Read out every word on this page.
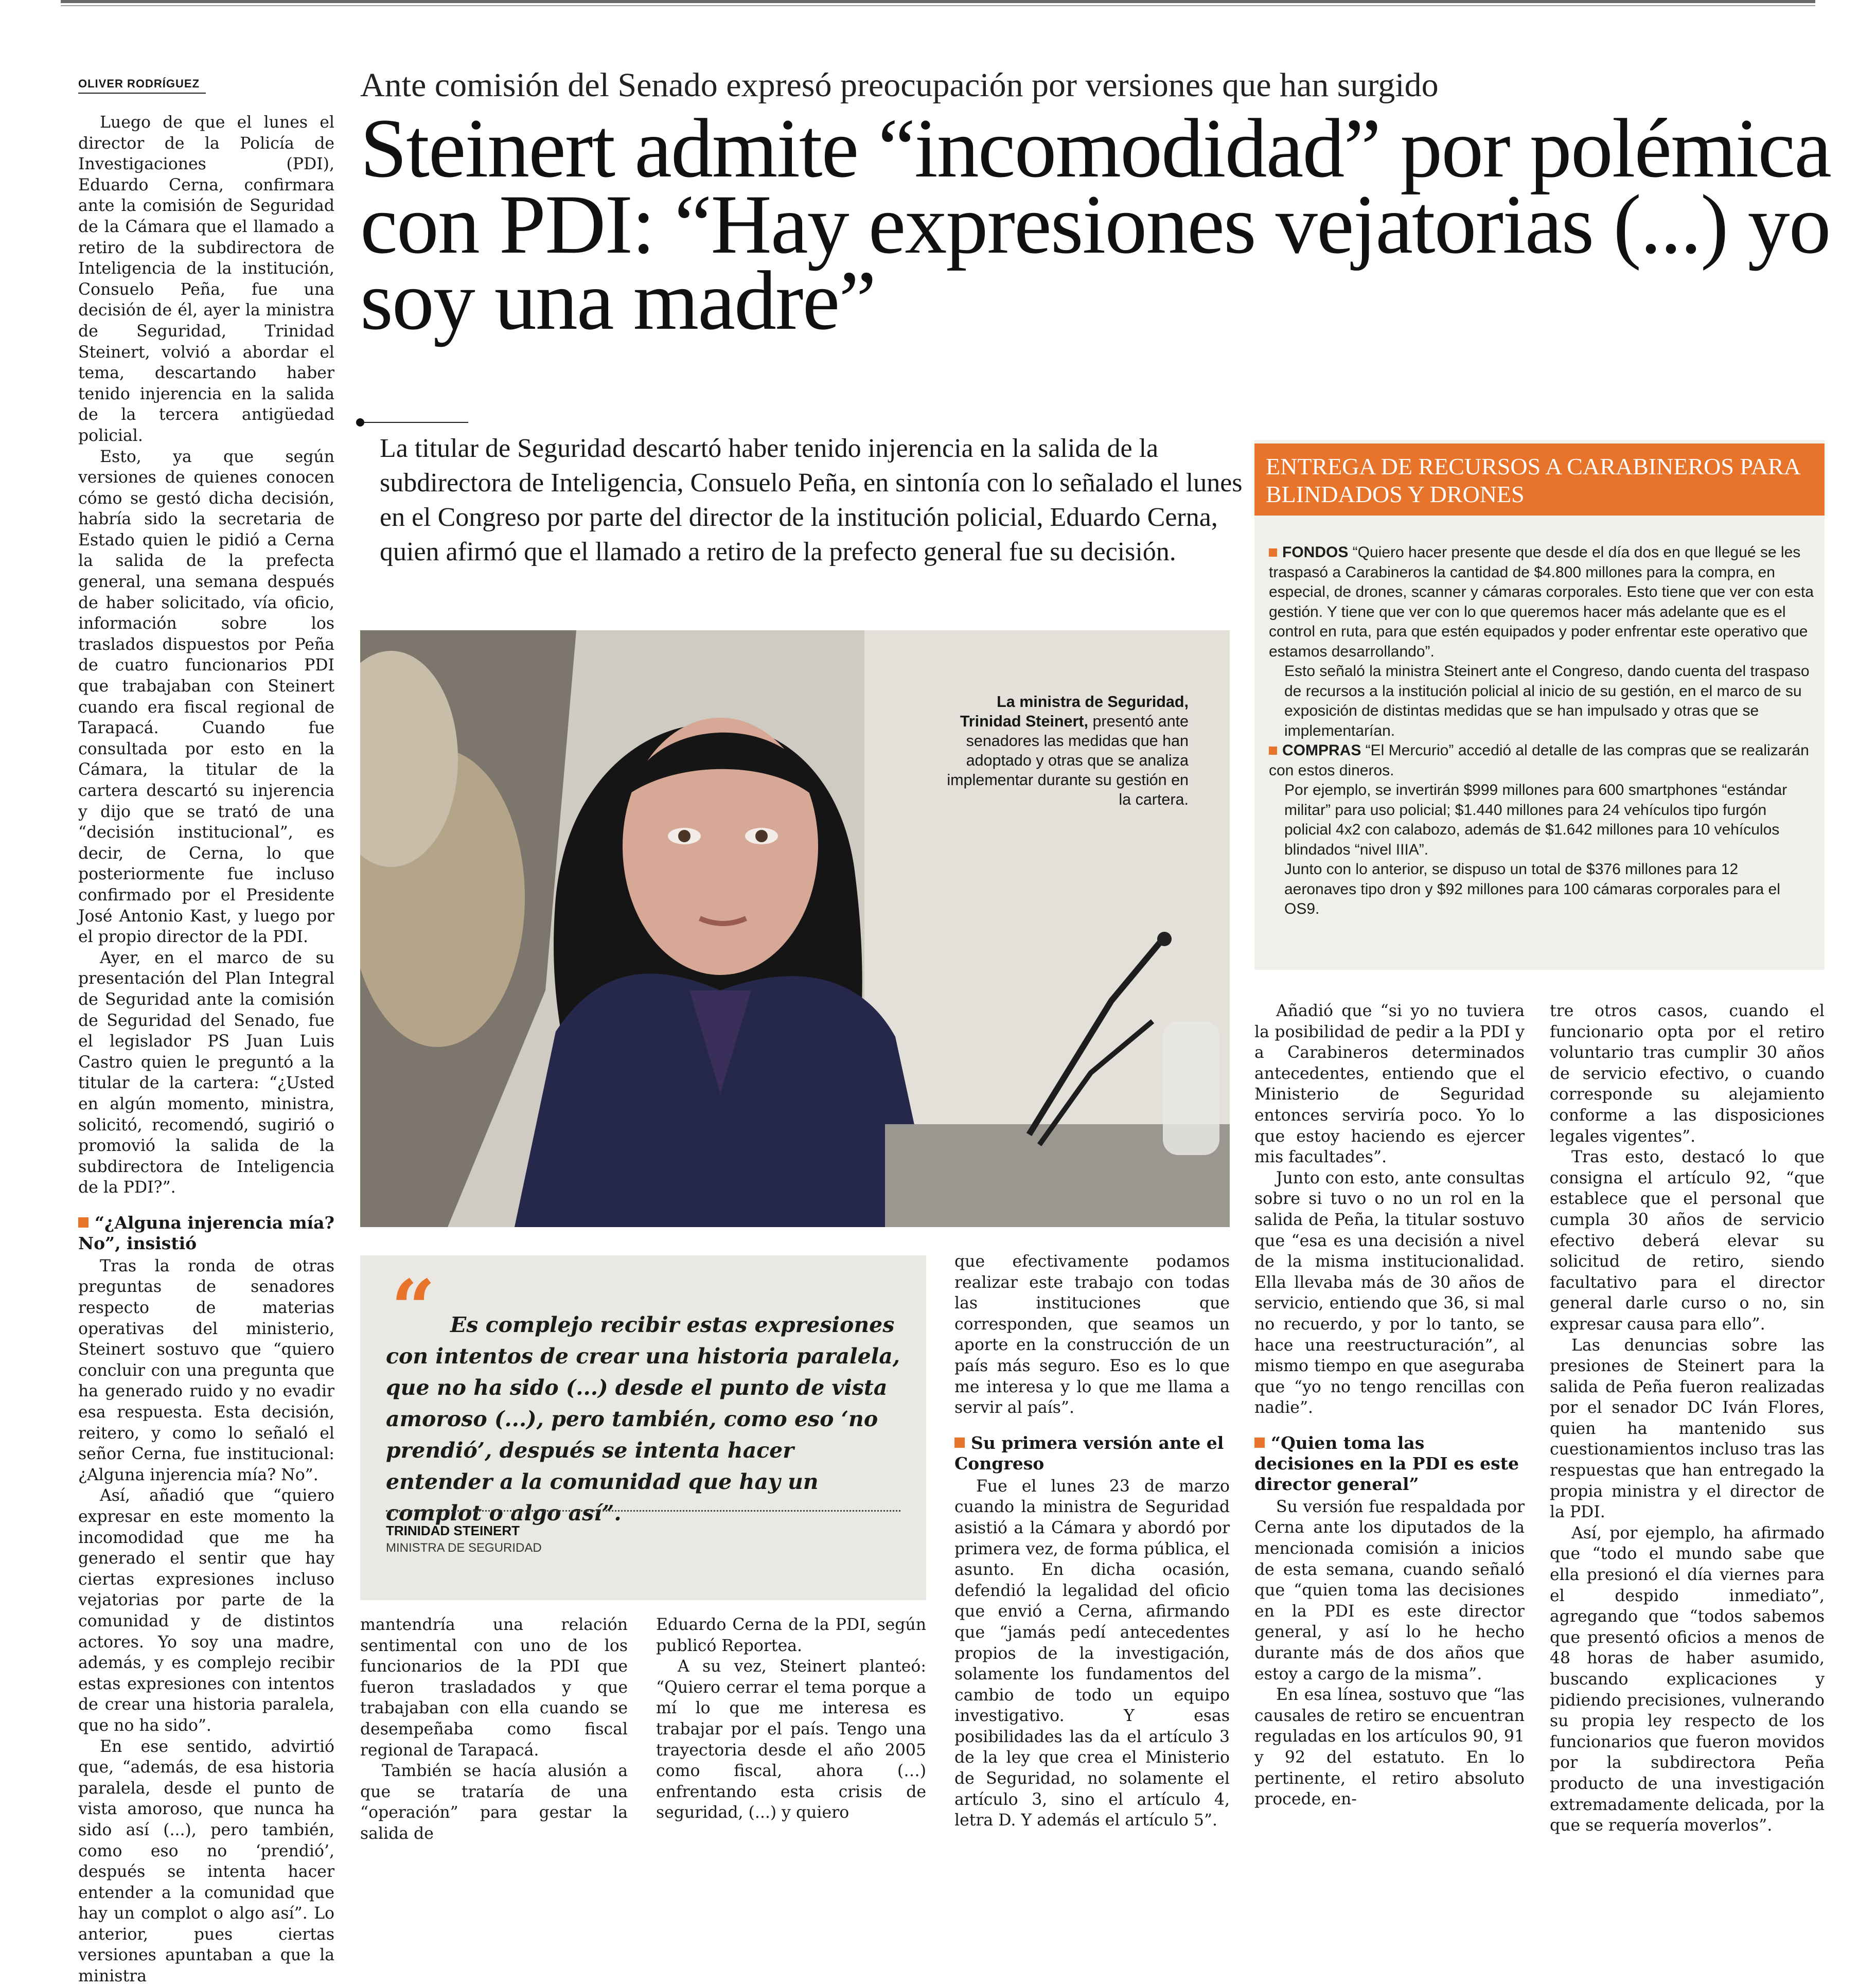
OLIVER RODRÍGUEZ	Ante comisión del Senado expresó preocupación por versiones que han surgido
Steinert admite “incomodidad” por polémica con PDI: “Hay expresiones vejatorias (...) yo soy una madre”

La titular de Seguridad descartó haber tenido injerencia en la salida de la subdirectora de Inteligencia, Consuelo Peña, en sintonía con lo señalado el lunes en el Congreso por parte del director de la institución policial, Eduardo Cerna, quien afirmó que el llamado a retiro de la prefecto general fue su decisión.

Luego de que el lunes el director de la Policía de Investigaciones (PDI), Eduardo Cerna, confirmara ante la comisión de Seguridad de la Cámara que el llamado a retiro de la subdirectora de Inteligencia de la institución, Consuelo Peña, fue una decisión de él, ayer la ministra de Seguridad, Trinidad Steinert, volvió a abordar el tema, descartando haber tenido injerencia en la salida de la tercera antigüedad policial.

Esto, ya que según versiones de quienes conocen cómo se gestó dicha decisión, habría sido la secretaria de Estado quien le pidió a Cerna la salida de la prefecta general, una semana después de haber solicitado, vía oficio, información sobre los traslados dispuestos por Peña de cuatro funcionarios PDI que trabajaban con Steinert cuando era fiscal regional de Tarapacá. Cuando fue consultada por esto en la Cámara, la titular de la cartera descartó su injerencia y dijo que se trató de una “decisión institucional”, es decir, de Cerna, lo que posteriormente fue incluso confirmado por el Presidente José Antonio Kast, y luego por el propio director de la PDI.

Ayer, en el marco de su presentación del Plan Integral de Seguridad ante la comisión de Seguridad del Senado, fue el legislador PS Juan Luis Castro quien le preguntó a la titular de la cartera: “¿Usted en algún momento, ministra, solicitó, recomendó, sugirió o promovió la salida de la subdirectora de Inteligencia de la PDI?”.

“¿Alguna injerencia mía? No”, insistió

Tras la ronda de otras preguntas de senadores respecto de materias operativas del ministerio, Steinert sostuvo que “quiero concluir con una pregunta que ha generado ruido y no evadir esa respuesta. Esta decisión, reitero, y como lo señaló el señor Cerna, fue institucional: ¿Alguna injerencia mía? No”.

Así, añadió que “quiero expresar en este momento la incomodidad que me ha generado el sentir que hay ciertas expresiones incluso vejatorias por parte de la comunidad y de distintos actores. Yo soy una madre, además, y es complejo recibir estas expresiones con intentos de crear una historia paralela, que no ha sido”.

En ese sentido, advirtió que, “además, de esa historia paralela, desde el punto de vista amoroso, que nunca ha sido así (...), pero también, como eso no ‘prendió’, después se intenta hacer entender a la comunidad que hay un complot o algo así”. Lo anterior, pues ciertas versiones apuntaban a que la ministra

La ministra de Seguridad, Trinidad Steinert, presentó ante senadores las medidas que han adoptado y otras que se analiza implementar durante su gestión en la cartera.
“ Es complejo recibir estas expresiones con intentos de crear una historia paralela, que no ha sido (...) desde el punto de vista amoroso (...), pero también, como eso ‘no prendió’, después se intenta hacer entender a la comunidad que hay un complot o algo así”.

TRINIDAD STEINERT
MINISTRA DE SEGURIDAD

mantendría una relación sentimental con uno de los funcionarios de la PDI que fueron trasladados y que trabajaban con ella cuando se desempeñaba como fiscal regional de Tarapacá.

También se hacía alusión a que se trataría de una “operación” para gestar la salida de

Eduardo Cerna de la PDI, según publicó Reportea.

A su vez, Steinert planteó: “Quiero cerrar el tema porque a mí lo que me interesa es trabajar por el país. Tengo una trayectoria desde el año 2005 como fiscal, ahora (…) enfrentando esta crisis de seguridad, (...) y quiero

que efectivamente podamos realizar este trabajo con todas las instituciones que corresponden, que seamos un aporte en la construcción de un país más seguro. Eso es lo que me interesa y lo que me llama a servir al país”.

Su primera versión ante el Congreso

Fue el lunes 23 de marzo cuando la ministra de Seguridad asistió a la Cámara y abordó por primera vez, de forma pública, el asunto. En dicha ocasión, defendió la legalidad del oficio que envió a Cerna, afirmando que “jamás pedí antecedentes propios de la investigación, solamente los fundamentos del cambio de todo un equipo investigativo. Y esas posibilidades las da el artículo 3 de la ley que crea el Ministerio de Seguridad, no solamente el artículo 3, sino el artículo 4, letra D. Y además el artículo 5”.

ENTREGA DE RECURSOS A CARABINEROS PARA BLINDADOS Y DRONES

FONDOS “Quiero hacer presente que desde el día dos en que llegué se les traspasó a Carabineros la cantidad de $4.800 millones para la compra, en especial, de drones, scanner y cámaras corporales. Esto tiene que ver con esta gestión. Y tiene que ver con lo que queremos hacer más adelante que es el control en ruta, para que estén equipados y poder enfrentar este operativo que estamos desarrollando”.

Esto señaló la ministra Steinert ante el Congreso, dando cuenta del traspaso de recursos a la institución policial al inicio de su gestión, en el marco de su exposición de distintas medidas que se han impulsado y otras que se implementarían.

COMPRAS “El Mercurio” accedió al detalle de las compras que se realizarán con estos dineros.

Por ejemplo, se invertirán $999 millones para 600 smartphones “estándar militar” para uso policial; $1.440 millones para 24 vehículos tipo furgón policial 4x2 con calabozo, además de $1.642 millones para 10 vehículos blindados “nivel IIIA”.

Junto con lo anterior, se dispuso un total de $376 millones para 12 aeronaves tipo dron y $92 millones para 100 cámaras corporales para el OS9.

Añadió que “si yo no tuviera la posibilidad de pedir a la PDI y a Carabineros determinados antecedentes, entiendo que el Ministerio de Seguridad entonces serviría poco. Yo lo que estoy haciendo es ejercer mis facultades”.

Junto con esto, ante consultas sobre si tuvo o no un rol en la salida de Peña, la titular sostuvo que “esa es una decisión a nivel de la misma institucionalidad. Ella llevaba más de 30 años de servicio, entiendo que 36, si mal no recuerdo, y por lo tanto, se hace una reestructuración”, al mismo tiempo en que aseguraba que “yo no tengo rencillas con nadie”.

“Quien toma las decisiones en la PDI es este director general”

Su versión fue respaldada por Cerna ante los diputados de la mencionada comisión a inicios de esta semana, cuando señaló que “quien toma las decisiones en la PDI es este director general, y así lo he hecho durante más de dos años que estoy a cargo de la misma”.

En esa línea, sostuvo que “las causales de retiro se encuentran reguladas en los artículos 90, 91 y 92 del estatuto. En lo pertinente, el retiro absoluto procede, en-

tre otros casos, cuando el funcionario opta por el retiro voluntario tras cumplir 30 años de servicio efectivo, o cuando corresponde su alejamiento conforme a las disposiciones legales vigentes”.

Tras esto, destacó lo que consigna el artículo 92, “que establece que el personal que cumpla 30 años de servicio efectivo deberá elevar su solicitud de retiro, siendo facultativo para el director general darle curso o no, sin expresar causa para ello”.

Las denuncias sobre las presiones de Steinert para la salida de Peña fueron realizadas por el senador DC Iván Flores, quien ha mantenido sus cuestionamientos incluso tras las respuestas que han entregado la propia ministra y el director de la PDI.

Así, por ejemplo, ha afirmado que “todo el mundo sabe que ella presionó el día viernes para el despido inmediato”, agregando que “todos sabemos que presentó oficios a menos de 48 horas de haber asumido, buscando explicaciones y pidiendo precisiones, vulnerando su propia ley respecto de los funcionarios que fueron movidos por la subdirectora Peña producto de una investigación extremadamente delicada, por la que se requería moverlos”.
